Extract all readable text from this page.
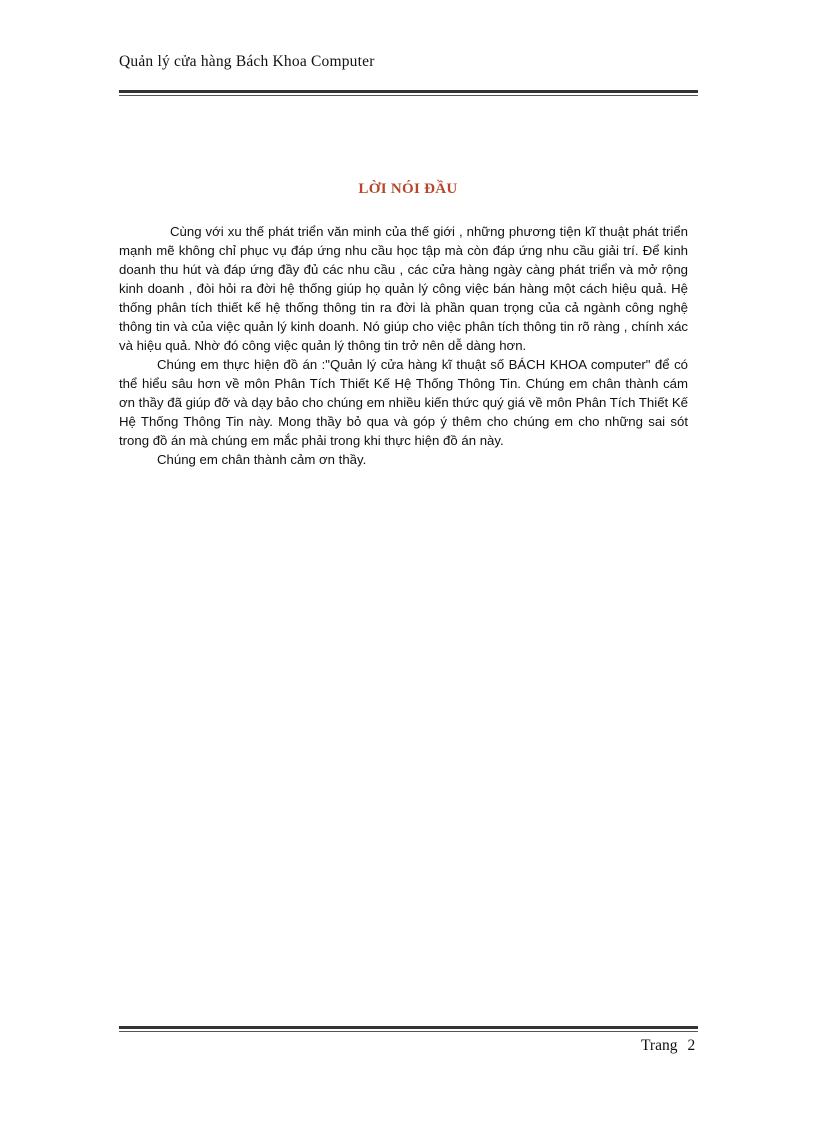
Quản lý cửa hàng Bách Khoa Computer
LỜI NÓI ĐẦU

Cùng với xu thế phát triển văn minh của thế giới , những phương tiện kĩ thuật phát triển mạnh mẽ không chỉ phục vụ đáp ứng nhu cầu học tập mà còn đáp ứng nhu cầu giải trí. Để kinh doanh thu hút và đáp ứng đầy đủ các nhu cầu , các cửa hàng ngày càng phát triển và mở rộng kinh doanh , đòi hỏi ra đời hệ thống giúp họ quản lý công việc bán hàng một cách hiệu quả. Hệ thống phân tích thiết kế hệ thống thông tin ra đời là phần quan trọng của cả ngành công nghệ thông tin và của việc quản lý kinh doanh. Nó giúp cho việc phân tích thông tin rõ ràng , chính xác và hiệu quả. Nhờ đó công việc quản lý thông tin trở nên dễ dàng hơn.

Chúng em thực hiện đồ án :"Quản lý cửa hàng kĩ thuật số BÁCH KHOA computer" để có thể hiểu sâu hơn về môn Phân Tích Thiết Kế Hệ Thống Thông Tin. Chúng em chân thành cám ơn thầy đã giúp đỡ và dạy bảo cho chúng em nhiều kiến thức quý giá về môn Phân Tích Thiết Kế Hệ Thống Thông Tin này. Mong thầy bỏ qua và góp ý thêm cho chúng em cho những sai sót trong đồ án mà chúng em mắc phải trong khi thực hiện đồ án này.

Chúng em chân thành cảm ơn thầy.

Trang 2
